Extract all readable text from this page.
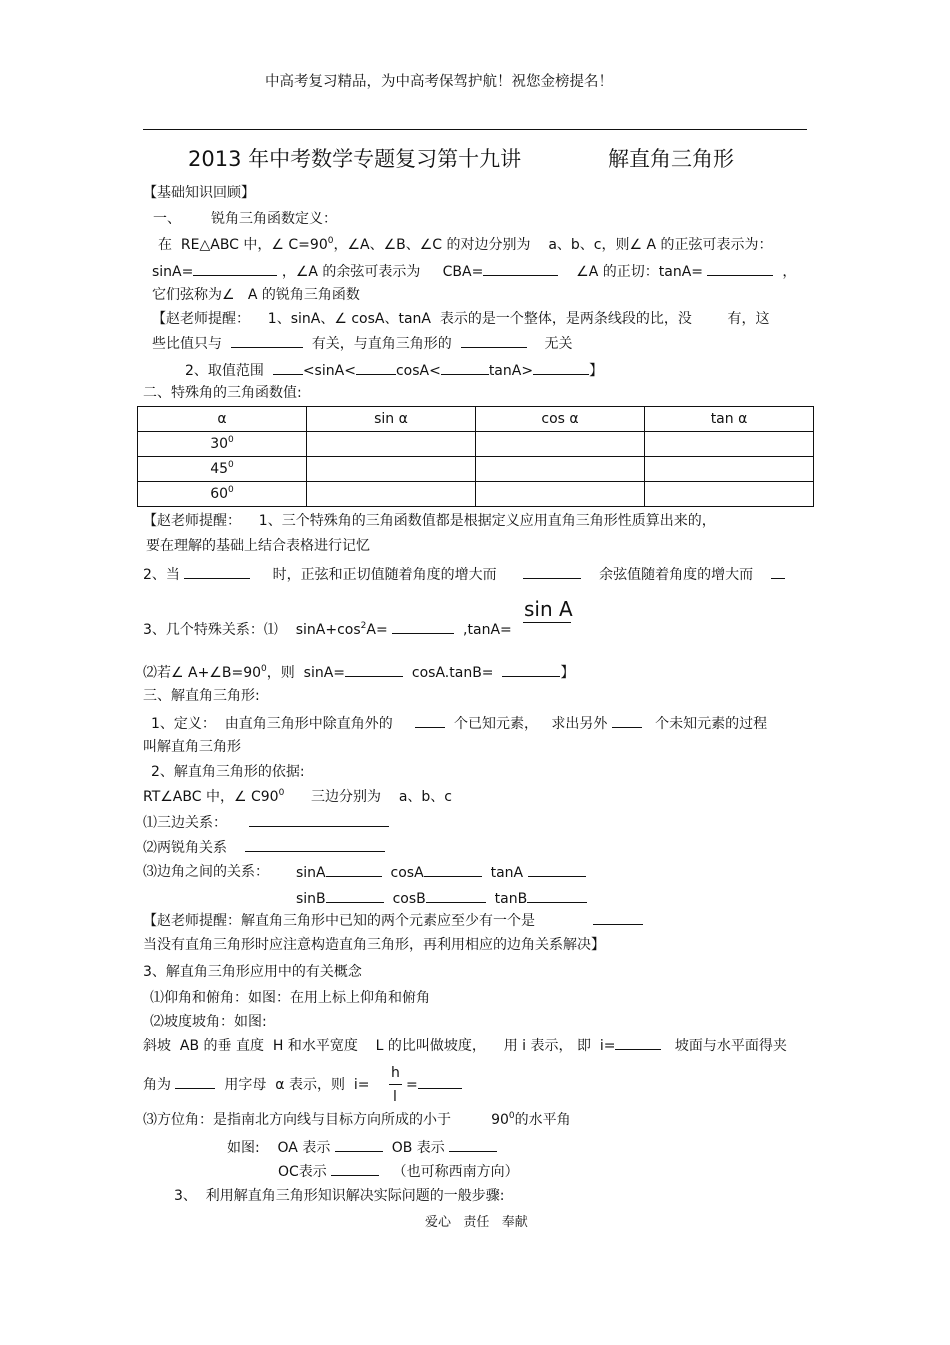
中高考复习精品，为中高考保驾护航！祝您金榜提名！
2013 年中考数学专题复习第十九讲	解直角三角形
【基础知识回顾】
一、 锐角三角函数定义：
在  RE△ABC 中，∠ $C=90^0$，∠A、∠B、∠C 的对边分别为    a、b、c，则∠ A 的正弦可表示为：
sinA=	，∠A 的余弦可表示为     CBA=	∠A 的正切：tanA=	，
它们弦称为∠   A 的锐角三角函数
【赵老师提醒：    1、sinA、∠ cosA、tanA  表示的是一个整体，是两条线段的比，没	有，这
些比值只与	有关，与直角三角形的	无关
2、取值范围	<sinA<	cosA<	tanA>	】
二、特殊角的三角函数值:
α	sin α	cos α	tan α
$30^0$			
$45^0$			
$60^0$			
【赵老师提醒：    1、三个特殊角的三角函数值都是根据定义应用直角三角形性质算出来的，
要在理解的基础上结合表格进行记忆
2、当	时，正弦和正切值随着角度的增大而	余弦值随着角度的增大而
sin A
3、几个特殊关系：⑴    $\sin A+\cos^2A=$	,tanA=
⑵若∠ $A+\angle B=90^0$，则  sinA=	cosA.tanB=	】
三、解直角三角形:
1、定义：  由直角三角形中除直角外的	个已知元素，   求出另外	个未知元素的过程
叫解直角三角形
2、解直角三角形的依据:
RT∠ABC 中，∠ $C90^0$ 三边分别为    a、b、c
⑴三边关系：
⑵两锐角关系
⑶边角之间的关系： sinA	cosA	tanA
sinB	cosB	tanB
【赵老师提醒：解直角三角形中已知的两个元素应至少有一个是
当没有直角三角形时应注意构造直角三角形，再利用相应的边角关系解决】
3、解直角三角形应用中的有关概念
⑴仰角和俯角：如图：在用上标上仰角和俯角
⑵坡度坡角：如图:
斜坡  AB 的垂 直度  H 和水平宽度    L 的比叫做坡度，    用 i 表示， 即  i=	坡面与水平面得夹
角为	用字母  α 表示，则  i=
h
l
=
⑶方位角：是指南北方向线与目标方向所成的小于	$90^0$的水平角
如图:    OA 表示	OB 表示
OC表示	（也可称西南方向）
3、  利用解直角三角形知识解决实际问题的一般步骤:
爱心   责任   奉献
